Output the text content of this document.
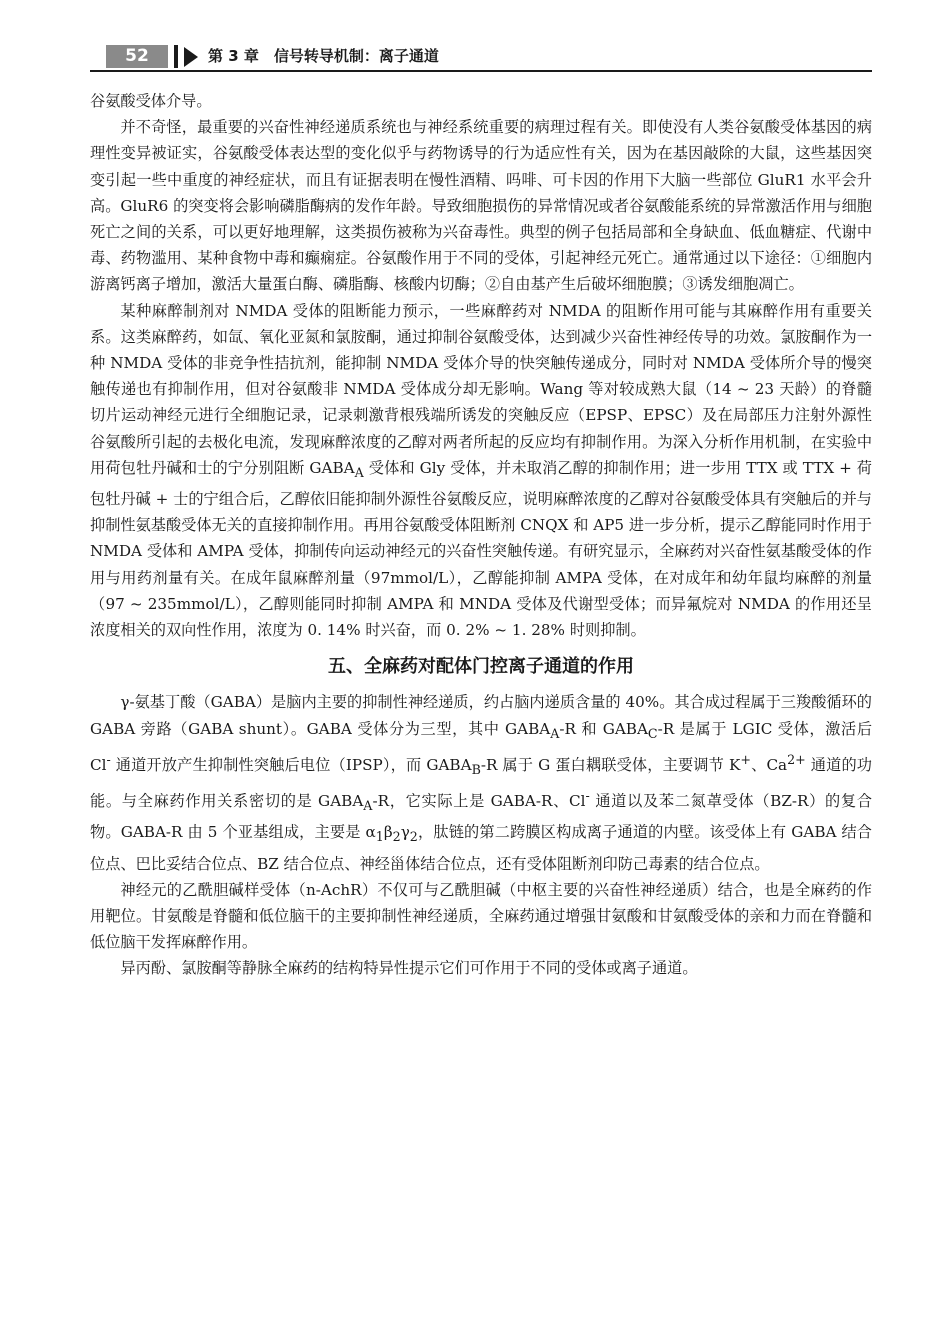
52	第 3 章　信号转导机制：离子通道

谷氨酸受体介导。

并不奇怪，最重要的兴奋性神经递质系统也与神经系统重要的病理过程有关。即使没有人类谷氨酸受体基因的病理性变异被证实，谷氨酸受体表达型的变化似乎与药物诱导的行为适应性有关，因为在基因敲除的大鼠，这些基因突变引起一些中重度的神经症状，而且有证据表明在慢性酒精、吗啡、可卡因的作用下大脑一些部位 GluR1 水平会升高。GluR6 的突变将会影响磷脂酶病的发作年龄。导致细胞损伤的异常情况或者谷氨酸能系统的异常激活作用与细胞死亡之间的关系，可以更好地理解，这类损伤被称为兴奋毒性。典型的例子包括局部和全身缺血、低血糖症、代谢中毒、药物滥用、某种食物中毒和癫痫症。谷氨酸作用于不同的受体，引起神经元死亡。通常通过以下途径：①细胞内游离钙离子增加，激活大量蛋白酶、磷脂酶、核酸内切酶；②自由基产生后破坏细胞膜；③诱发细胞凋亡。

某种麻醉制剂对 NMDA 受体的阻断能力预示，一些麻醉药对 NMDA 的阻断作用可能与其麻醉作用有重要关系。这类麻醉药，如氙、氧化亚氮和氯胺酮，通过抑制谷氨酸受体，达到减少兴奋性神经传导的功效。氯胺酮作为一种 NMDA 受体的非竞争性拮抗剂，能抑制 NMDA 受体介导的快突触传递成分，同时对 NMDA 受体所介导的慢突触传递也有抑制作用，但对谷氨酸非 NMDA 受体成分却无影响。Wang 等对较成熟大鼠（14 ~ 23 天龄）的脊髓切片运动神经元进行全细胞记录，记录刺激背根残端所诱发的突触反应（EPSP、EPSC）及在局部压力注射外源性谷氨酸所引起的去极化电流，发现麻醉浓度的乙醇对两者所起的反应均有抑制作用。为深入分析作用机制，在实验中用荷包牡丹碱和士的宁分别阻断 $GABA_A$ 受体和 Gly 受体，并未取消乙醇的抑制作用；进一步用 TTX 或 TTX + 荷包牡丹碱 + 士的宁组合后，乙醇依旧能抑制外源性谷氨酸反应，说明麻醉浓度的乙醇对谷氨酸受体具有突触后的并与抑制性氨基酸受体无关的直接抑制作用。再用谷氨酸受体阻断剂 CNQX 和 AP5 进一步分析，提示乙醇能同时作用于 NMDA 受体和 AMPA 受体，抑制传向运动神经元的兴奋性突触传递。有研究显示，全麻药对兴奋性氨基酸受体的作用与用药剂量有关。在成年鼠麻醉剂量（97mmol/L），乙醇能抑制 AMPA 受体，在对成年和幼年鼠均麻醉的剂量（97 ~ 235mmol/L），乙醇则能同时抑制 AMPA 和 MNDA 受体及代谢型受体；而异氟烷对 NMDA 的作用还呈浓度相关的双向性作用，浓度为 0. 14% 时兴奋，而 0. 2% ~ 1. 28% 时则抑制。

五、全麻药对配体门控离子通道的作用

γ-氨基丁酸（GABA）是脑内主要的抑制性神经递质，约占脑内递质含量的 40%。其合成过程属于三羧酸循环的 GABA 旁路（GABA shunt）。GABA 受体分为三型，其中 $GABA_A-R$ 和 $GABA_C-R$ 是属于 LGIC 受体，激活后 Cl- 通道开放产生抑制性突触后电位（IPSP），而 $GABA_B-R$ 属于 G 蛋白耦联受体，主要调节 K+、$Ca^{2+}$ 通道的功能。与全麻药作用关系密切的是 $GABA_A-R$，它实际上是 GABA-R、Cl- 通道以及苯二氮䓬受体（BZ-R）的复合物。GABA-R 由 5 个亚基组成，主要是 $\alpha_1\beta_2\gamma_2$，肽链的第二跨膜区构成离子通道的内壁。该受体上有 GABA 结合位点、巴比妥结合位点、BZ 结合位点、神经甾体结合位点，还有受体阻断剂印防己毒素的结合位点。

神经元的乙酰胆碱样受体（n-AchR）不仅可与乙酰胆碱（中枢主要的兴奋性神经递质）结合，也是全麻药的作用靶位。甘氨酸是脊髓和低位脑干的主要抑制性神经递质，全麻药通过增强甘氨酸和甘氨酸受体的亲和力而在脊髓和低位脑干发挥麻醉作用。

异丙酚、氯胺酮等静脉全麻药的结构特异性提示它们可作用于不同的受体或离子通道。
